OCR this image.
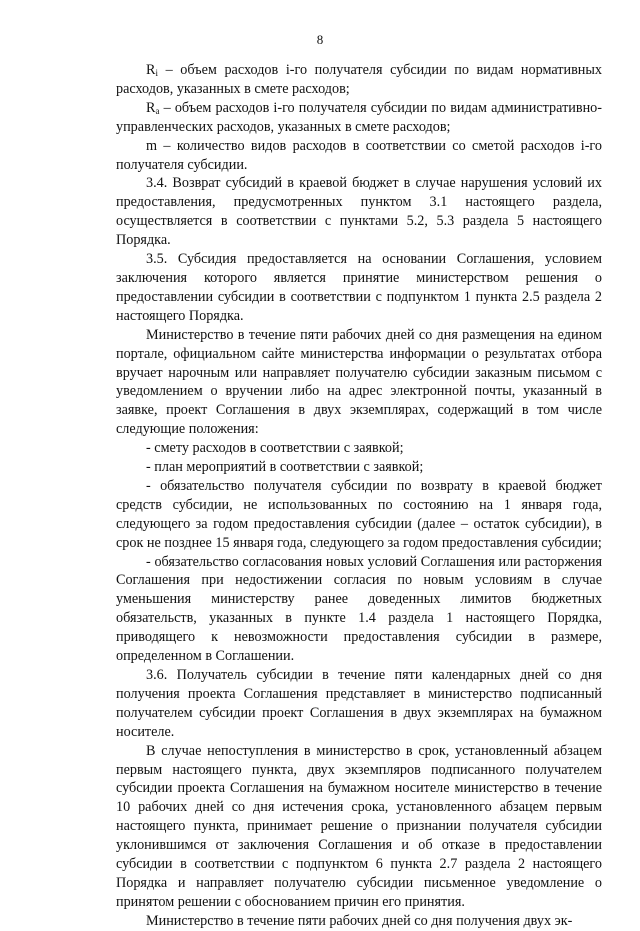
8

$R_i$ – объем расходов i-го получателя субсидии по видам нормативных расходов, указанных в смете расходов;

$R_a$ – объем расходов i-го получателя субсидии по видам административно-управленческих расходов, указанных в смете расходов;

m – количество видов расходов в соответствии со сметой расходов i-го получателя субсидии.

3.4. Возврат субсидий в краевой бюджет в случае нарушения условий их предоставления, предусмотренных пунктом 3.1 настоящего раздела, осуществляется в соответствии с пунктами 5.2, 5.3 раздела 5 настоящего Порядка.

3.5. Субсидия предоставляется на основании Соглашения, условием заключения которого является принятие министерством решения о предоставлении субсидии в соответствии с подпунктом 1 пункта 2.5 раздела 2 настоящего Порядка.

Министерство в течение пяти рабочих дней со дня размещения на едином портале, официальном сайте министерства информации о результатах отбора вручает нарочным или направляет получателю субсидии заказным письмом с уведомлением о вручении либо на адрес электронной почты, указанный в заявке, проект Соглашения в двух экземплярах, содержащий в том числе следующие положения:

- смету расходов в соответствии с заявкой;

- план мероприятий в соответствии с заявкой;

- обязательство получателя субсидии по возврату в краевой бюджет средств субсидии, не использованных по состоянию на 1 января года, следующего за годом предоставления субсидии (далее – остаток субсидии), в срок не позднее 15 января года, следующего за годом предоставления субсидии;

- обязательство согласования новых условий Соглашения или расторжения Соглашения при недостижении согласия по новым условиям в случае уменьшения министерству ранее доведенных лимитов бюджетных обязательств, указанных в пункте 1.4 раздела 1 настоящего Порядка, приводящего к невозможности предоставления субсидии в размере, определенном в Соглашении.

3.6. Получатель субсидии в течение пяти календарных дней со дня получения проекта Соглашения представляет в министерство подписанный получателем субсидии проект Соглашения в двух экземплярах на бумажном носителе.

В случае непоступления в министерство в срок, установленный абзацем первым настоящего пункта, двух экземпляров подписанного получателем субсидии проекта Соглашения на бумажном носителе министерство в течение 10 рабочих дней со дня истечения срока, установленного абзацем первым настоящего пункта, принимает решение о признании получателя субсидии уклонившимся от заключения Соглашения и об отказе в предоставлении субсидии в соответствии с подпунктом 6 пункта 2.7 раздела 2 настоящего Порядка и направляет получателю субсидии письменное уведомление о принятом решении с обоснованием причин его принятия.

Министерство в течение пяти рабочих дней со дня получения двух эк-
